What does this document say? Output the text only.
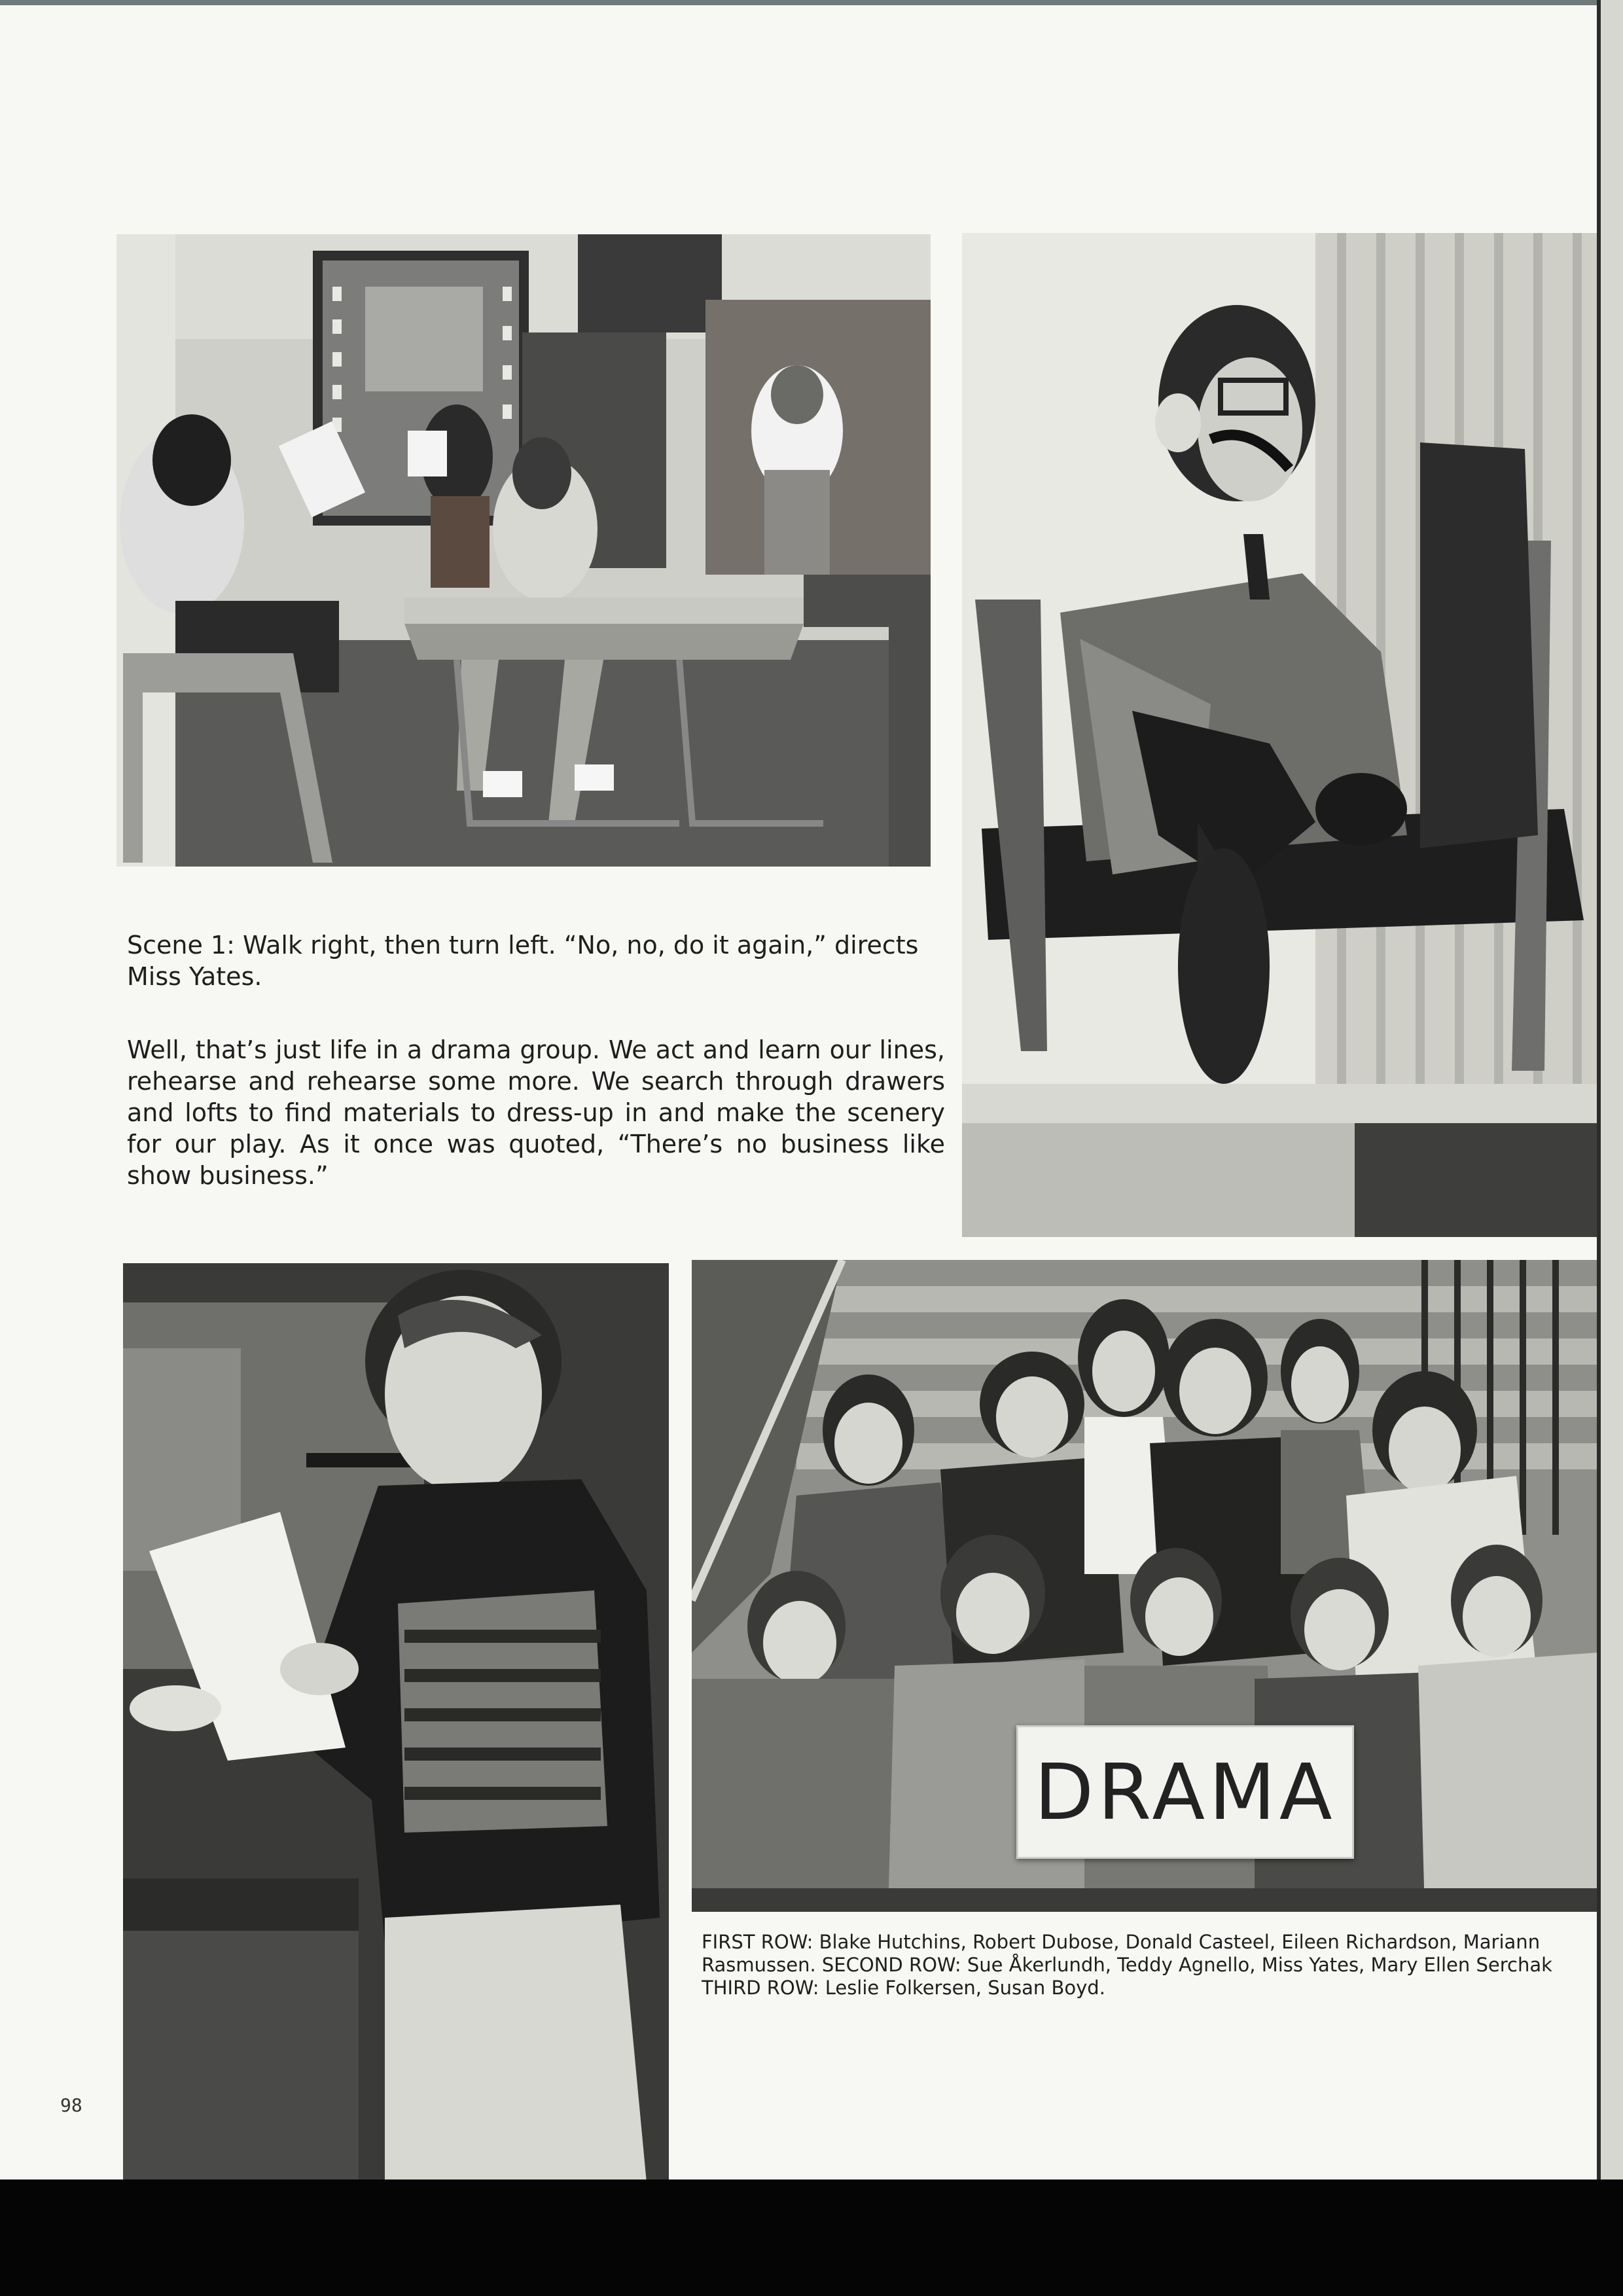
DRAMA
Scene 1: Walk right, then turn left. “No, no, do it again,” directs Miss Yates.
Well, that’s just life in a drama group. We act and learn our lines, rehearse and rehearse some more. We search through drawers and lofts to find materials to dress-up in and make the scenery for our play. As it once was quoted, “There’s no business like show business.”
FIRST ROW: Blake Hutchins, Robert Dubose, Donald Casteel, Eileen Richardson, Mariann
Rasmussen. SECOND ROW: Sue Åkerlundh, Teddy Agnello, Miss Yates, Mary Ellen Serchak
THIRD ROW: Leslie Folkersen, Susan Boyd.
98
